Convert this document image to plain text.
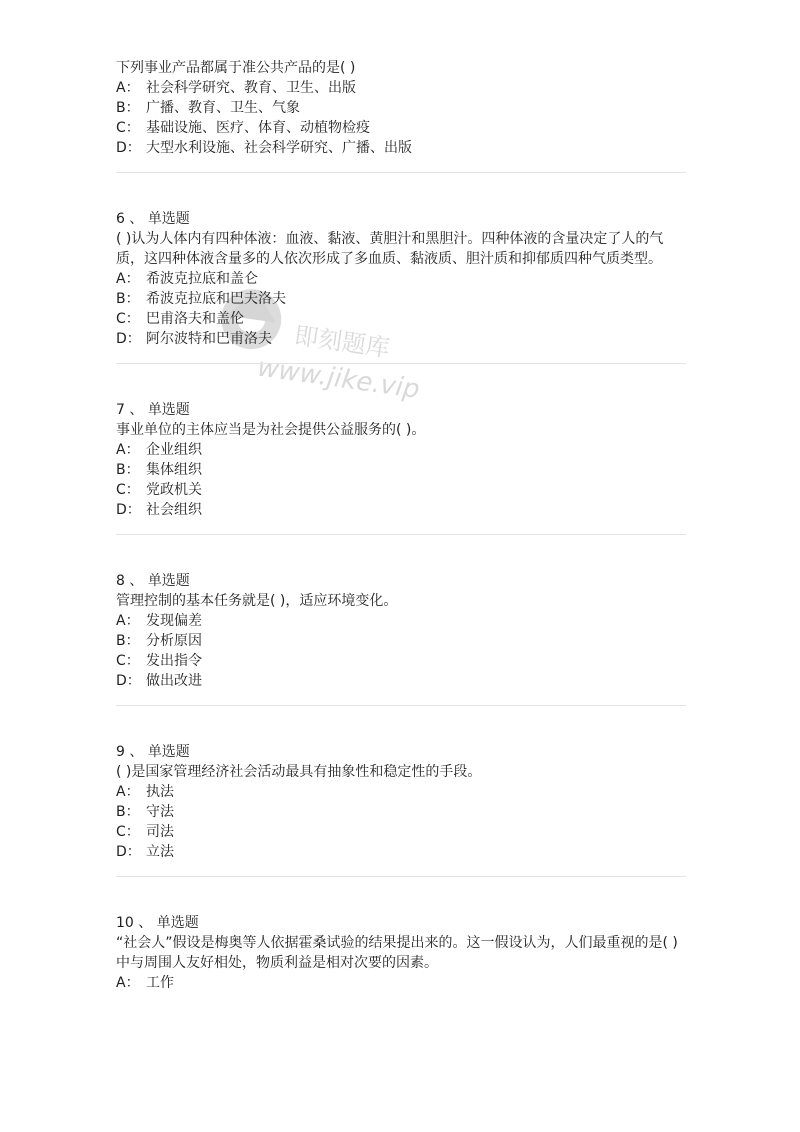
即刻题库
www.jike.vip
下列事业产品都属于准公共产品的是( )
A： 社会科学研究、教育、卫生、出版
B： 广播、教育、卫生、气象
C： 基础设施、医疗、体育、动植物检疫
D： 大型水利设施、社会科学研究、广播、出版
6 、 单选题
( )认为人体内有四种体液：血液、黏液、黄胆汁和黑胆汁。四种体液的含量决定了人的气质，这四种体液含量多的人依次形成了多血质、黏液质、胆汁质和抑郁质四种气质类型。
A： 希波克拉底和盖仑
B： 希波克拉底和巴夫洛夫
C： 巴甫洛夫和盖伦
D： 阿尔波特和巴甫洛夫
7 、 单选题
事业单位的主体应当是为社会提供公益服务的( )。
A： 企业组织
B： 集体组织
C： 党政机关
D： 社会组织
8 、 单选题
管理控制的基本任务就是( )，适应环境变化。
A： 发现偏差
B： 分析原因
C： 发出指令
D： 做出改进
9 、 单选题
( )是国家管理经济社会活动最具有抽象性和稳定性的手段。
A： 执法
B： 守法
C： 司法
D： 立法
10 、 单选题
“社会人”假设是梅奥等人依据霍桑试验的结果提出来的。这一假设认为，人们最重视的是( )中与周围人友好相处，物质利益是相对次要的因素。
A： 工作
